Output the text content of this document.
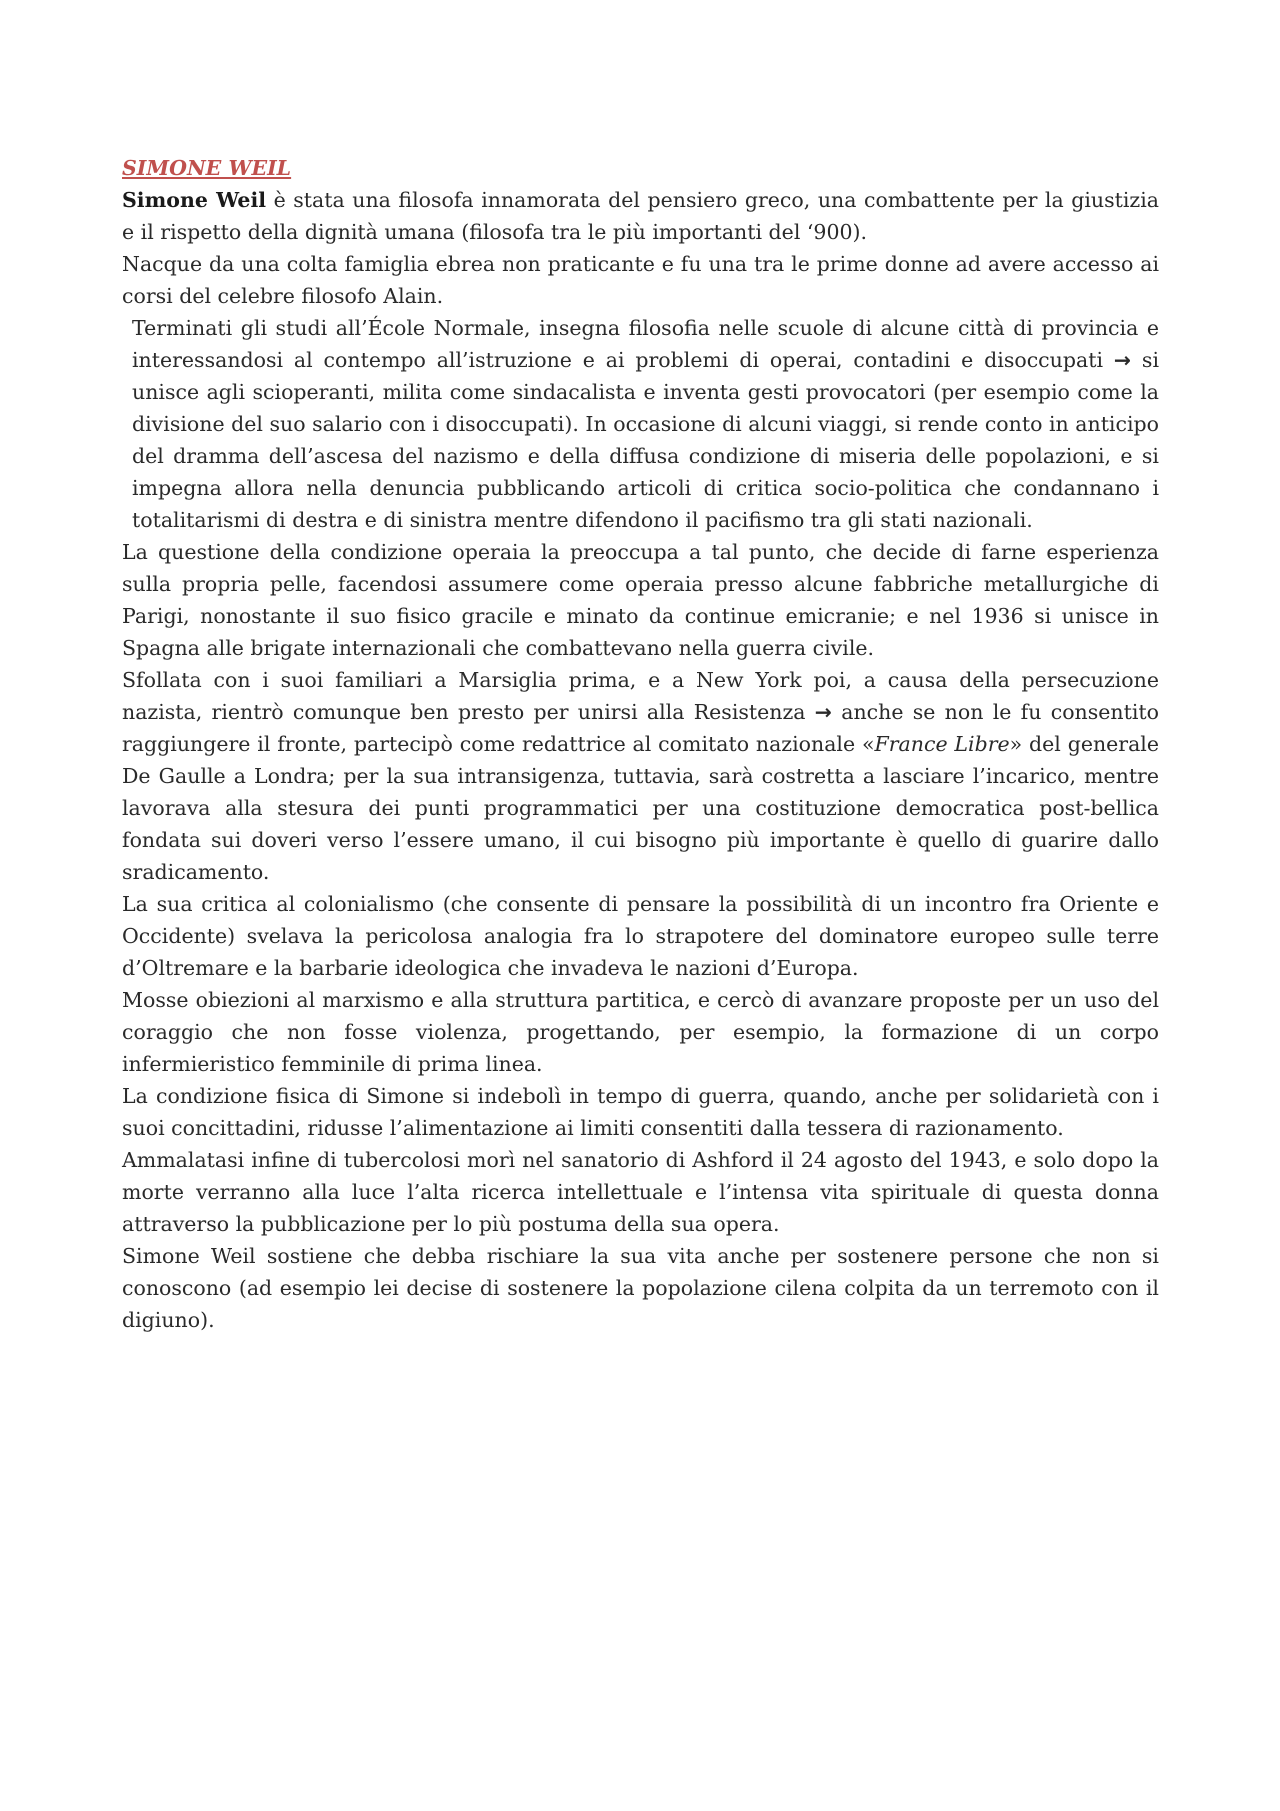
SIMONE WEIL

Simone Weil è stata una filosofa innamorata del pensiero greco, una combattente per la giustizia e il rispetto della dignità umana (filosofa tra le più importanti del ‘900).

Nacque da una colta famiglia ebrea non praticante e fu una tra le prime donne ad avere accesso ai corsi del celebre filosofo Alain.

Terminati gli studi all’École Normale, insegna filosofia nelle scuole di alcune città di provincia e interessandosi al contempo all’istruzione e ai problemi di operai, contadini e disoccupati → si unisce agli scioperanti, milita come sindacalista e inventa gesti provocatori (per esempio come la divisione del suo salario con i disoccupati). In occasione di alcuni viaggi, si rende conto in anticipo del dramma dell’ascesa del nazismo e della diffusa condizione di miseria delle popolazioni, e si impegna allora nella denuncia pubblicando articoli di critica socio-politica che condannano i totalitarismi di destra e di sinistra mentre difendono il pacifismo tra gli stati nazionali.

La questione della condizione operaia la preoccupa a tal punto, che decide di farne esperienza sulla propria pelle, facendosi assumere come operaia presso alcune fabbriche metallurgiche di Parigi, nonostante il suo fisico gracile e minato da continue emicranie; e nel 1936 si unisce in Spagna alle brigate internazionali che combattevano nella guerra civile.

Sfollata con i suoi familiari a Marsiglia prima, e a New York poi, a causa della persecuzione nazista, rientrò comunque ben presto per unirsi alla Resistenza → anche se non le fu consentito raggiungere il fronte, partecipò come redattrice al comitato nazionale «France Libre» del generale De Gaulle a Londra; per la sua intransigenza, tuttavia, sarà costretta a lasciare l’incarico, mentre lavorava alla stesura dei punti programmatici per una costituzione democratica post-bellica fondata sui doveri verso l’essere umano, il cui bisogno più importante è quello di guarire dallo sradicamento.

La sua critica al colonialismo (che consente di pensare la possibilità di un incontro fra Oriente e Occidente) svelava la pericolosa analogia fra lo strapotere del dominatore europeo sulle terre d’Oltremare e la barbarie ideologica che invadeva le nazioni d’Europa.

Mosse obiezioni al marxismo e alla struttura partitica, e cercò di avanzare proposte per un uso del coraggio che non fosse violenza, progettando, per esempio, la formazione di un corpo infermieristico femminile di prima linea.

La condizione fisica di Simone si indebolì in tempo di guerra, quando, anche per solidarietà con i suoi concittadini, ridusse l’alimentazione ai limiti consentiti dalla tessera di razionamento.

Ammalatasi infine di tubercolosi morì nel sanatorio di Ashford il 24 agosto del 1943, e solo dopo la morte verranno alla luce l’alta ricerca intellettuale e l’intensa vita spirituale di questa donna attraverso la pubblicazione per lo più postuma della sua opera.

Simone Weil sostiene che debba rischiare la sua vita anche per sostenere persone che non si conoscono (ad esempio lei decise di sostenere la popolazione cilena colpita da un terremoto con il digiuno).
